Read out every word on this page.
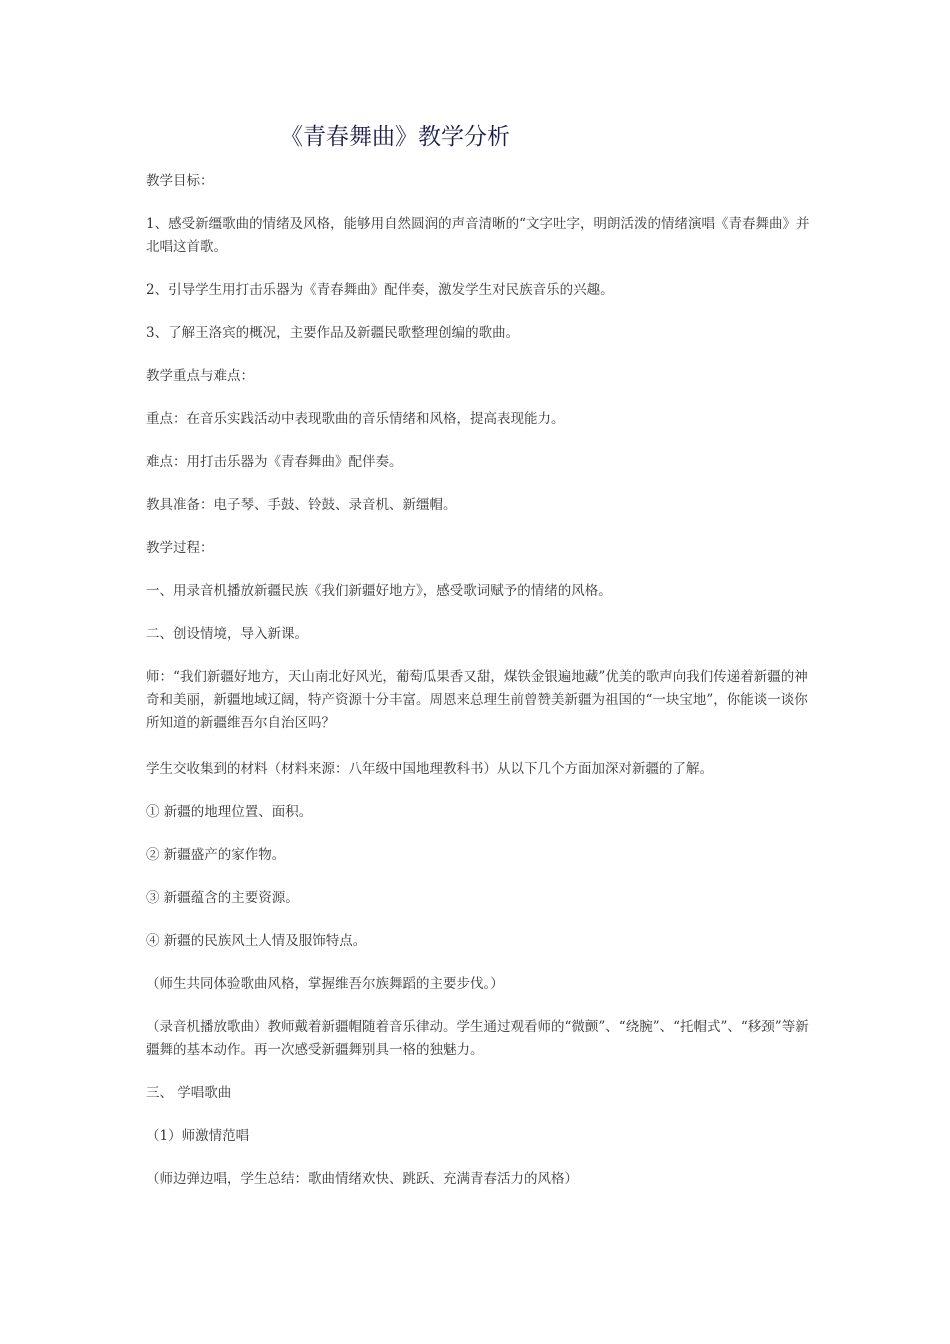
《青春舞曲》教学分析
教学目标：
1、感受新缰歌曲的情绪及风格，能够用自然圆润的声音清晰的“文字吐字，明朗活泼的情绪演唱《青春舞曲》并北唱这首歌。
2、引导学生用打击乐器为《青春舞曲》配伴奏，激发学生对民族音乐的兴趣。
3、了解王洛宾的概况，主要作品及新疆民歌整理创编的歌曲。
教学重点与难点：
重点：在音乐实践活动中表现歌曲的音乐情绪和风格，提高表现能力。
难点：用打击乐器为《青春舞曲》配伴奏。
教具准备：电子琴、手鼓、铃鼓、录音机、新缰帽。
教学过程：
一、用录音机播放新疆民族《我们新疆好地方》，感受歌词赋予的情绪的风格。
二、创设情境，导入新课。
师：“我们新疆好地方，天山南北好风光，葡萄瓜果香又甜，煤铁金银遍地藏”优美的歌声向我们传递着新疆的神奇和美丽，新疆地域辽阔，特产资源十分丰富。周恩来总理生前曾赞美新疆为祖国的“一块宝地”，你能谈一谈你所知道的新疆维吾尔自治区吗？
学生交收集到的材料（材料来源：八年级中国地理教科书）从以下几个方面加深对新疆的了解。
① 新疆的地理位置、面积。
② 新疆盛产的家作物。
③ 新疆蕴含的主要资源。
④ 新疆的民族风土人情及服饰特点。
（师生共同体验歌曲风格，掌握维吾尔族舞蹈的主要步伐。）
（录音机播放歌曲）教师戴着新疆帽随着音乐律动。学生通过观看师的“微颤”、“绕腕”、“托帽式”、“移颈”等新疆舞的基本动作。再一次感受新疆舞别具一格的独魅力。
三、 学唱歌曲
（1）师激情范唱
（师边弹边唱，学生总结：歌曲情绪欢快、跳跃、充满青春活力的风格）
